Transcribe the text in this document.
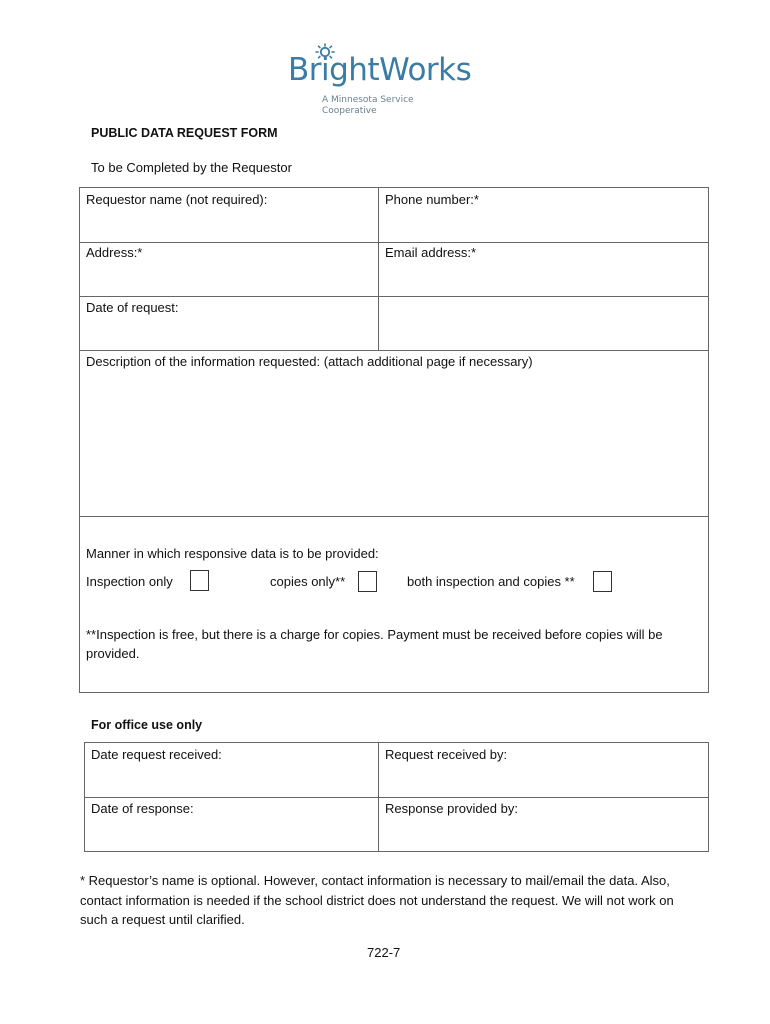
BrightWorks
A Minnesota Service
Cooperative
PUBLIC DATA REQUEST FORM
To be Completed by the Requestor
Requestor name (not required):	Phone number:*
Address:*	Email address:*
Date of request:
Description of the information requested: (attach additional page if necessary)
Manner in which responsive data is to be provided:
Inspection only	copies only**	both inspection and copies **
**Inspection is free, but there is a charge for copies. Payment must be received before copies will be provided.
For office use only
Date request received:	Request received by:
Date of response:	Response provided by:
* Requestor’s name is optional. However, contact information is necessary to mail/email the data. Also, contact information is needed if the school district does not understand the request. We will not work on such a request until clarified.
722-7
